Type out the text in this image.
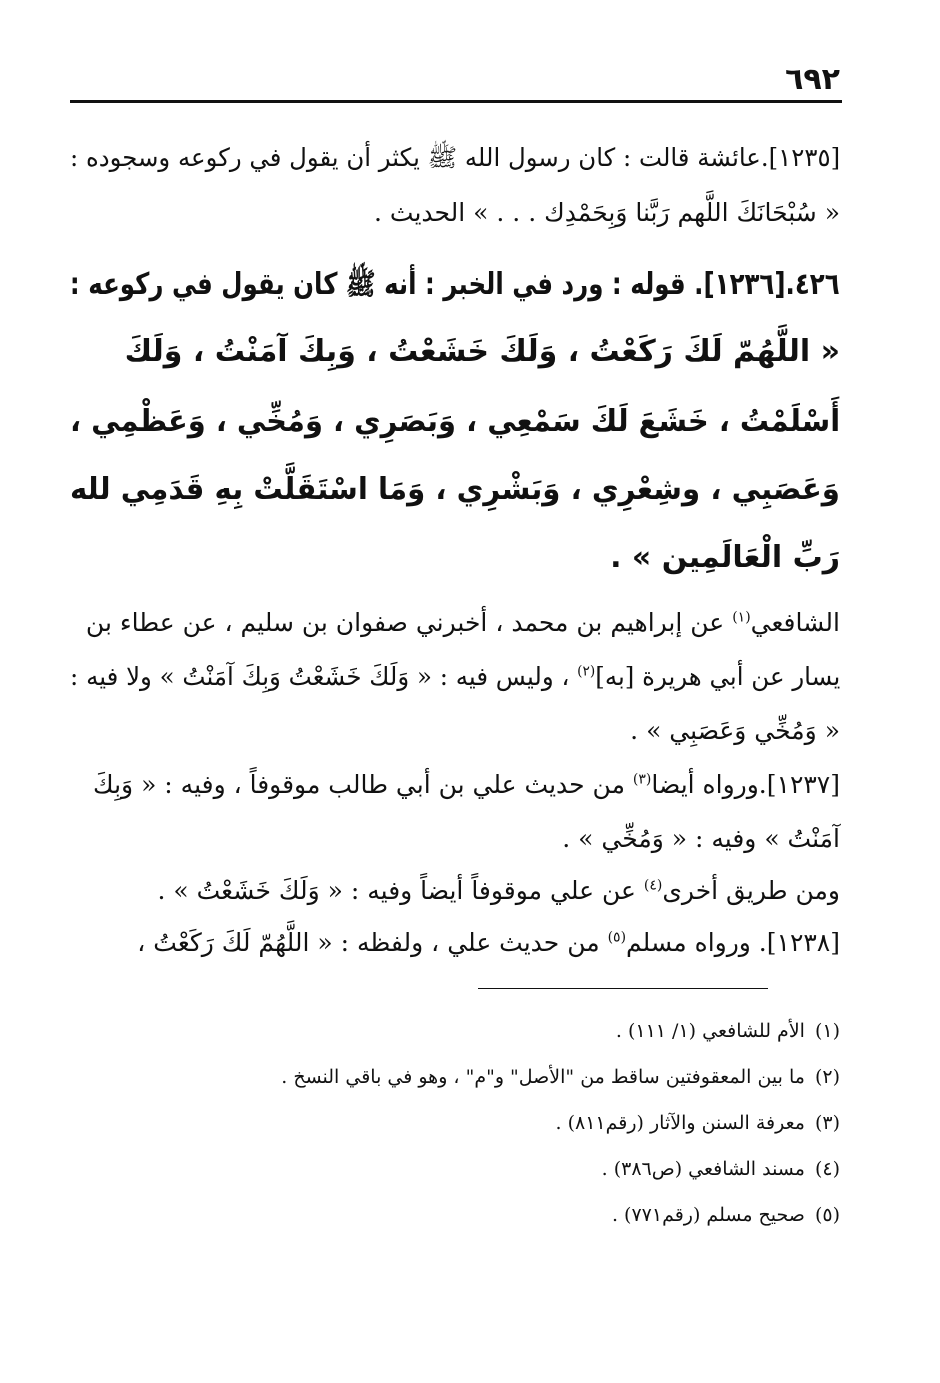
٦٩٢
[١٢٣٥].عائشة قالت : كان رسول الله ﷺ يكثر أن يقول في ركوعه وسجوده :
« سُبْحَانَكَ اللَّهم رَبَّنا وَبِحَمْدِك . . . » الحديث .
٤٢٦.[١٢٣٦]. قوله : ورد في الخبر : أنه ﷺ كان يقول في ركوعه :
« اللَّهُمّ لَكَ رَكَعْتُ ، وَلَكَ خَشَعْتُ ، وَبِكَ آمَنْتُ ، وَلَكَ
أَسْلَمْتُ ، خَشَعَ لَكَ سَمْعِي ، وَبَصَرِي ، وَمُخِّي ، وَعَظْمِي ،
وَعَصَبِي ، وشِعْرِي ، وَبَشْرِي ، وَمَا اسْتَقَلَّتْ بِهِ قَدَمِي لله
رَبِّ الْعَالَمِين » .
الشافعي$^{(١)}$ عن إبراهيم بن محمد ، أخبرني صفوان بن سليم ، عن عطاء بن
يسار عن أبي هريرة [به]$^{(٢)}$ ، وليس فيه : « وَلَكَ خَشَعْتُ وَبِكَ آمَنْتُ » ولا فيه :
« وَمُخِّي وَعَصَبِي » .
[١٢٣٧].ورواه أيضا$^{(٣)}$ من حديث علي بن أبي طالب موقوفاً ، وفيه : « وَبِكَ
آمَنْتُ » وفيه : « وَمُخِّي » .
ومن طريق أخرى$^{(٤)}$ عن علي موقوفاً أيضاً وفيه : « وَلَكَ خَشَعْتُ » .
[١٢٣٨]. ورواه مسلم$^{(٥)}$ من حديث علي ، ولفظه : « اللَّهُمّ لَكَ رَكَعْتُ ،
(١)الأم للشافعي (١/ ١١١) .
(٢)ما بين المعقوفتين ساقط من "الأصل" و"م" ، وهو في باقي النسخ .
(٣)معرفة السنن والآثار (رقم٨١١) .
(٤)مسند الشافعي (ص٣٨٦) .
(٥)صحيح مسلم (رقم٧٧١) .
